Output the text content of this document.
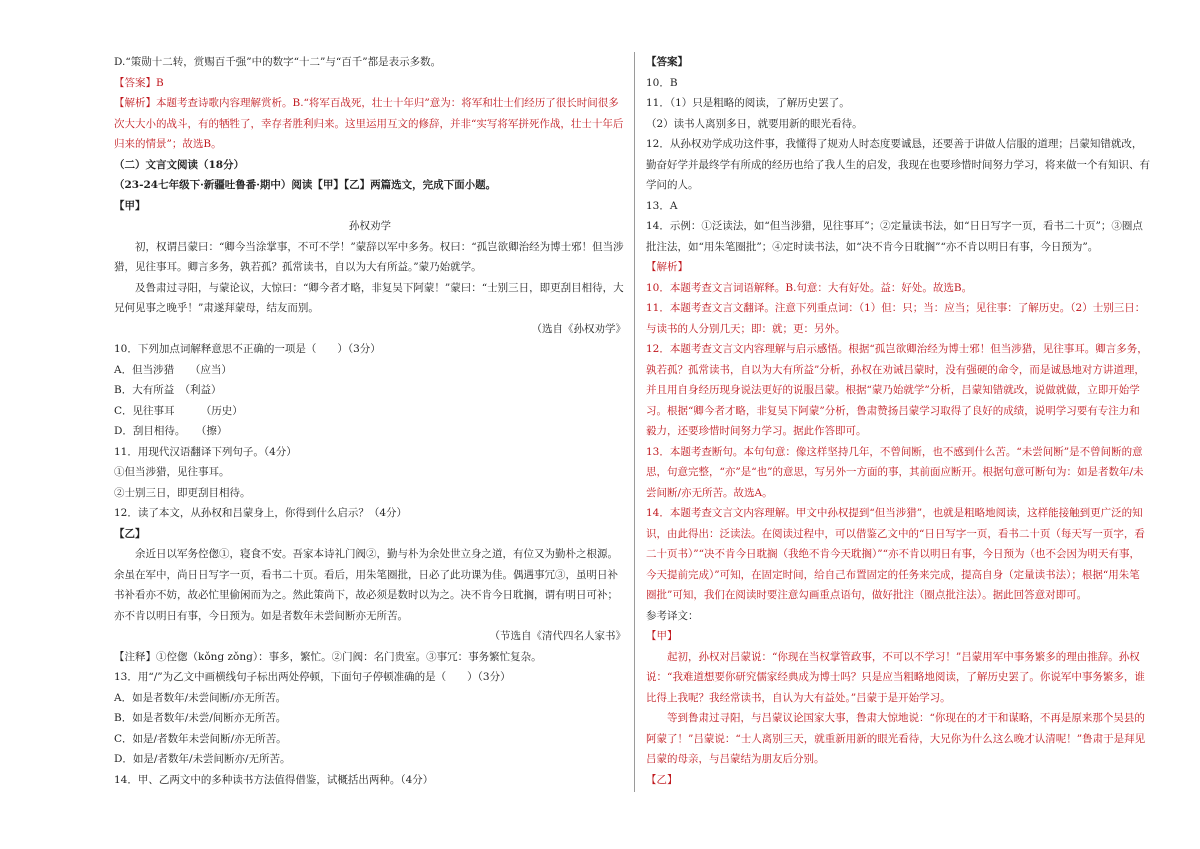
D.“策勋十二转，赏赐百千强”中的数字“十二”与“百千”都是表示多数。

【答案】B

【解析】本题考查诗歌内容理解赏析。B.“将军百战死，壮士十年归”意为：将军和壮士们经历了很长时间很多次大大小的战斗，有的牺牲了，幸存者胜利归来。这里运用互文的修辞，并非“实写将军拼死作战，壮士十年后归来的情景”；故选B。

（二）文言文阅读（18分）

（23-24七年级下·新疆吐鲁番·期中）阅读【甲】【乙】两篇选文，完成下面小题。

【甲】

孙权劝学

初，权谓吕蒙曰：“卿今当涂掌事，不可不学！”蒙辞以军中多务。权曰：“孤岂欲卿治经为博士邪！但当涉猎，见往事耳。卿言多务，孰若孤？孤常读书，自以为大有所益。”蒙乃始就学。

及鲁肃过寻阳，与蒙论议，大惊曰：“卿今者才略，非复吴下阿蒙！”蒙曰：“士别三日，即更刮目相待，大兄何见事之晚乎！”肃遂拜蒙母，结友而别。

（选自《孙权劝学》

10．下列加点词解释意思不正确的一项是（　　）（3分）

A．但当涉猎　　（应当）

B．大有所益　（利益）

C．见往事耳　　　（历史）

D．刮目相待。　　（擦）

11．用现代汉语翻译下列句子。（4分）

①但当涉猎，见往事耳。

②士别三日，即更刮目相待。

12．读了本文，从孙权和吕蒙身上，你得到什么启示？（4分）

【乙】

余近日以军务倥偬①，寝食不安。吾家本诗礼门阀②，勤与朴为余处世立身之道，有位又为勤朴之根源。余虽在军中，尚日日写字一页，看书二十页。看后，用朱笔圈批，日必了此功课为佳。偶遇事冗③，虽明日补书补看亦不妨，故必忙里偷闲而为之。然此策尚下，故必须是数时以为之。决不肯今日耽搁，谓有明日可补；亦不肯以明日有事，今日预为。如是者数年未尝间断亦无所苦。

（节选自《清代四名人家书》

【注释】①倥偬（kǒng zǒng）：事多，繁忙。②门阀：名门贵室。③事冗：事务繁忙复杂。

13．用“/”为乙文中画横线句子标出两处停顿，下面句子停顿准确的是（　　）（3分）

A．如是者数年/未尝间断/亦无所苦。

B．如是者数年/未尝/间断亦无所苦。

C．如是/者数年未尝间断/亦无所苦。

D．如是/者数年/未尝间断亦/无所苦。

14．甲、乙两文中的多种读书方法值得借鉴，试概括出两种。（4分）

【答案】

10．B

11．（1）只是粗略的阅读，了解历史罢了。

（2）读书人离别多日，就要用新的眼光看待。

12．从孙权劝学成功这件事，我懂得了规劝人时态度要诚恳，还要善于讲做人信服的道理；吕蒙知错就改，勤奋好学并最终学有所成的经历也给了我人生的启发，我现在也要珍惜时间努力学习，将来做一个有知识、有学问的人。

13．A

14．示例：①泛读法，如“但当涉猎，见往事耳”；②定量读书法，如“日日写字一页，看书二十页”；③圈点批注法，如“用朱笔圈批”；④定时读书法，如“决不肯今日耽搁”“亦不肯以明日有事，今日预为”。

【解析】

10．本题考查文言词语解释。B.句意：大有好处。益：好处。故选B。

11．本题考查文言文翻译。注意下列重点词：（1）但：只；当：应当；见往事：了解历史。（2）士别三日：与读书的人分别几天；即：就；更：另外。

12．本题考查文言文内容理解与启示感悟。根据“孤岂欲卿治经为博士邪！但当涉猎，见往事耳。卿言多务，孰若孤？孤常读书，自以为大有所益”分析，孙权在劝诫吕蒙时，没有强硬的命令，而是诚恳地对方讲道理，并且用自身经历现身说法更好的说服吕蒙。根据“蒙乃始就学”分析，吕蒙知错就改，说做就做，立即开始学习。根据“卿今者才略，非复吴下阿蒙”分析，鲁肃赞扬吕蒙学习取得了良好的成绩，说明学习要有专注力和毅力，还要珍惜时间努力学习。据此作答即可。

13．本题考查断句。本句句意：像这样坚持几年，不曾间断，也不感到什么苦。“未尝间断”是不曾间断的意思，句意完整，“亦”是“也”的意思，写另外一方面的事，其前面应断开。根据句意可断句为：如是者数年/未尝间断/亦无所苦。故选A。

14．本题考查文言文内容理解。甲文中孙权提到“但当涉猎”，也就是粗略地阅读，这样能接触到更广泛的知识，由此得出：泛读法。在阅读过程中，可以借鉴乙文中的“日日写字一页，看书二十页（每天写一页字，看二十页书）”“决不肯今日耽搁（我绝不肯今天耽搁）”“亦不肯以明日有事，今日预为（也不会因为明天有事，今天提前完成）”可知，在固定时间，给自己布置固定的任务来完成，提高自身（定量读书法）；根据“用朱笔圈批”可知，我们在阅读时要注意勾画重点语句，做好批注（圈点批注法）。据此回答意对即可。

参考译文：

【甲】

起初，孙权对吕蒙说：“你现在当权掌管政事，不可以不学习！”吕蒙用军中事务繁多的理由推辞。孙权说：“我难道想要你研究儒家经典成为博士吗？只是应当粗略地阅读，了解历史罢了。你说军中事务繁多，谁比得上我呢？我经常读书，自认为大有益处。”吕蒙于是开始学习。

等到鲁肃过寻阳，与吕蒙议论国家大事，鲁肃大惊地说：“你现在的才干和谋略，不再是原来那个吴县的阿蒙了！”吕蒙说：“士人离别三天，就重新用新的眼光看待，大兄你为什么这么晚才认清呢！”鲁肃于是拜见吕蒙的母亲，与吕蒙结为朋友后分别。

【乙】
